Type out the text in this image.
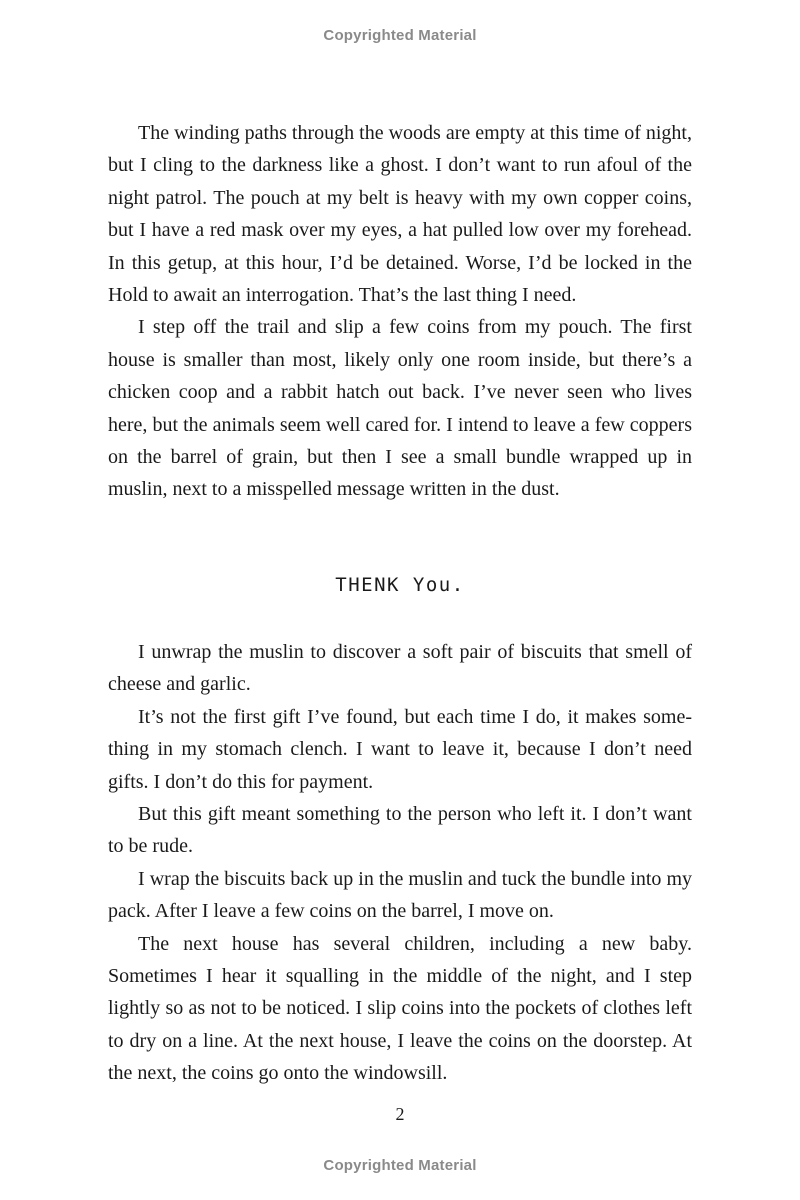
Copyrighted Material

The winding paths through the woods are empty at this time of night, but I cling to the darkness like a ghost. I don’t want to run afoul of the night patrol. The pouch at my belt is heavy with my own copper coins, but I have a red mask over my eyes, a hat pulled low over my forehead. In this getup, at this hour, I’d be detained. Worse, I’d be locked in the Hold to await an interrogation. That’s the last thing I need.

I step off the trail and slip a few coins from my pouch. The first house is smaller than most, likely only one room inside, but there’s a chicken coop and a rabbit hatch out back. I’ve never seen who lives here, but the animals seem well cared for. I intend to leave a few coppers on the barrel of grain, but then I see a small bundle wrapped up in muslin, next to a misspelled message written in the dust.

THENK You.

I unwrap the muslin to discover a soft pair of biscuits that smell of cheese and garlic.

It’s not the first gift I’ve found, but each time I do, it makes something in my stomach clench. I want to leave it, because I don’t need gifts. I don’t do this for payment.

But this gift meant something to the person who left it. I don’t want to be rude.

I wrap the biscuits back up in the muslin and tuck the bundle into my pack. After I leave a few coins on the barrel, I move on.

The next house has several children, including a new baby. Sometimes I hear it squalling in the middle of the night, and I step lightly so as not to be noticed. I slip coins into the pockets of clothes left to dry on a line. At the next house, I leave the coins on the doorstep. At the next, the coins go onto the windowsill.

2
Copyrighted Material
